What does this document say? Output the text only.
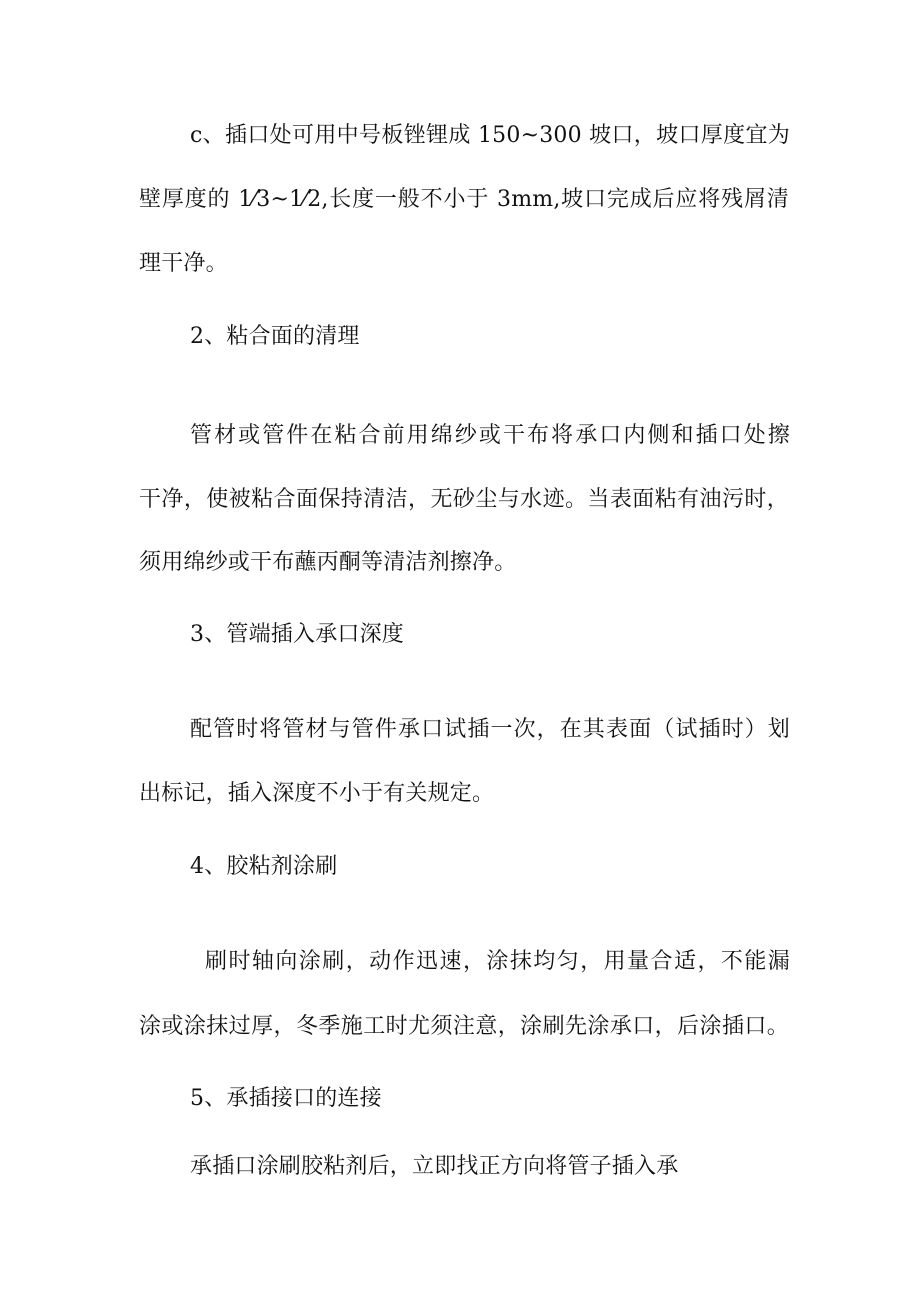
c、插口处可用中号板锉锂成 150~300 坡口，坡口厚度宜为
壁厚度的 1⁄3~1⁄2,长度一般不小于 3mm,坡口完成后应将残屑清
理干净。
2、粘合面的清理
管材或管件在粘合前用绵纱或干布将承口内侧和插口处擦
干净，使被粘合面保持清洁，无砂尘与水迹。当表面粘有油污时，
须用绵纱或干布蘸丙酮等清洁剂擦净。
3、管端插入承口深度
配管时将管材与管件承口试插一次，在其表面（试插时）划
出标记，插入深度不小于有关规定。
4、胶粘剂涂刷
刷时轴向涂刷，动作迅速，涂抹均匀，用量合适，不能漏
涂或涂抹过厚，冬季施工时尤须注意，涂刷先涂承口，后涂插口。
5、承插接口的连接
承插口涂刷胶粘剂后，立即找正方向将管子插入承
